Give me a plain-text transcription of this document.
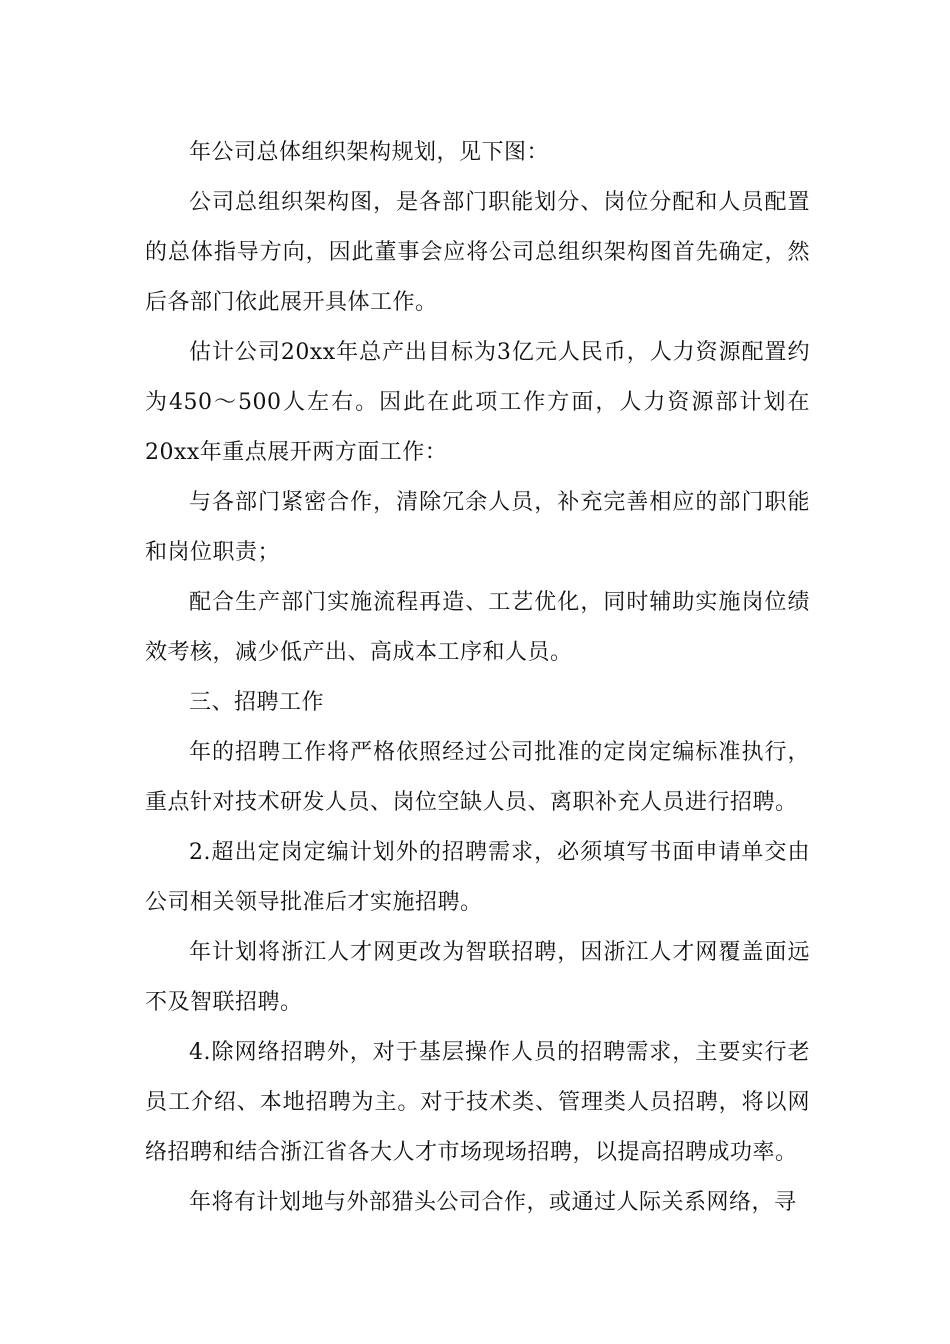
年公司总体组织架构规划，见下图：

公司总组织架构图，是各部门职能划分、岗位分配和人员配置的总体指导方向，因此董事会应将公司总组织架构图首先确定，然后各部门依此展开具体工作。

估计公司20xx年总产出目标为3亿元人民币，人力资源配置约为450～500人左右。因此在此项工作方面，人力资源部计划在20xx年重点展开两方面工作：

与各部门紧密合作，清除冗余人员，补充完善相应的部门职能和岗位职责；

配合生产部门实施流程再造、工艺优化，同时辅助实施岗位绩效考核，减少低产出、高成本工序和人员。

三、招聘工作

年的招聘工作将严格依照经过公司批准的定岗定编标准执行，重点针对技术研发人员、岗位空缺人员、离职补充人员进行招聘。

2.超出定岗定编计划外的招聘需求，必须填写书面申请单交由公司相关领导批准后才实施招聘。

年计划将浙江人才网更改为智联招聘，因浙江人才网覆盖面远不及智联招聘。

4.除网络招聘外，对于基层操作人员的招聘需求，主要实行老员工介绍、本地招聘为主。对于技术类、管理类人员招聘，将以网络招聘和结合浙江省各大人才市场现场招聘，以提高招聘成功率。

年将有计划地与外部猎头公司合作，或通过人际关系网络，寻
